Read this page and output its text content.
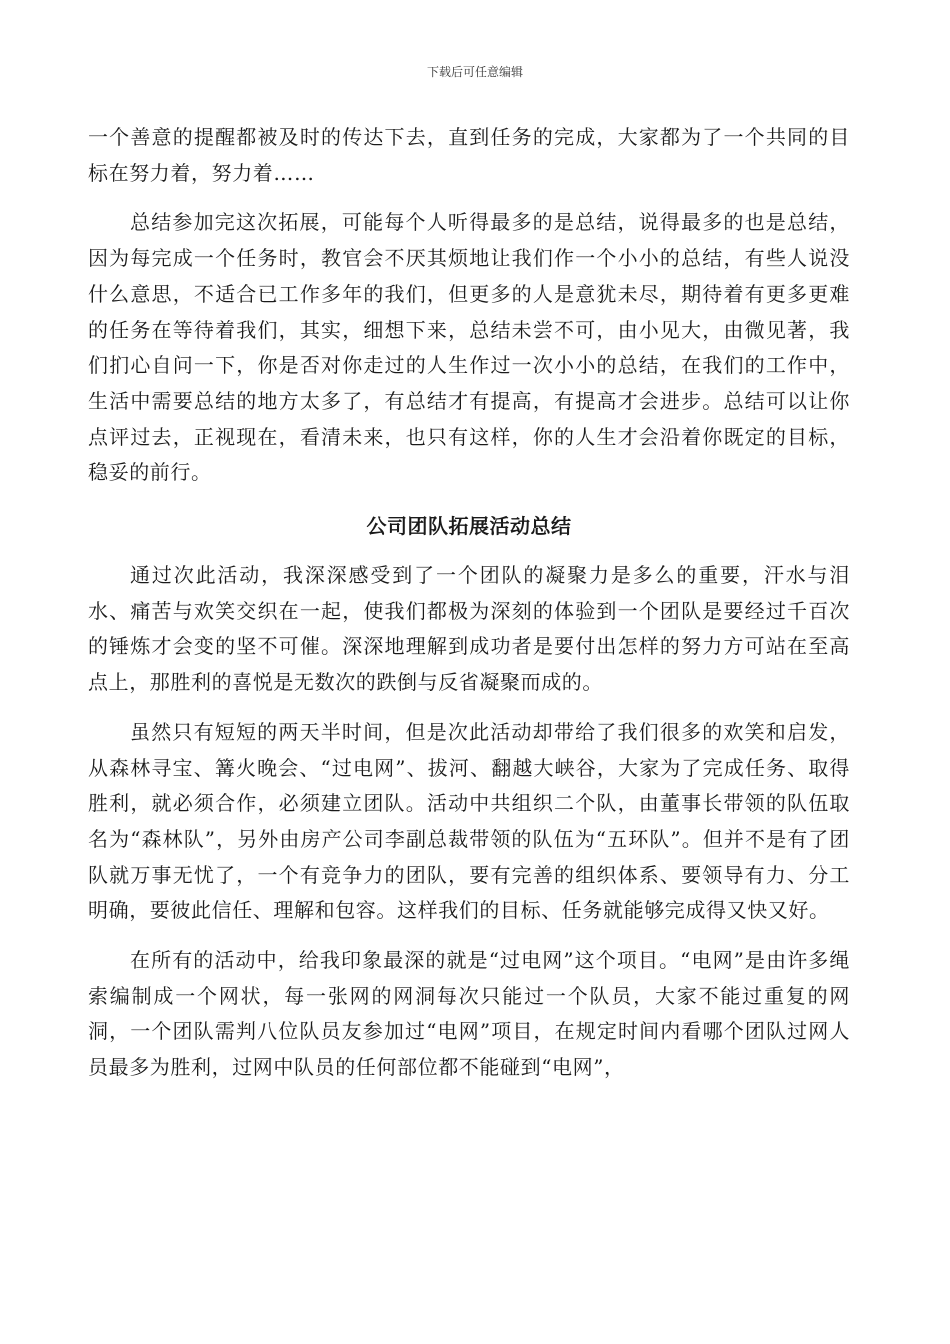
下载后可任意编辑

一个善意的提醒都被及时的传达下去，直到任务的完成，大家都为了一个共同的目标在努力着，努力着……

总结参加完这次拓展，可能每个人听得最多的是总结，说得最多的也是总结，因为每完成一个任务时，教官会不厌其烦地让我们作一个小小的总结，有些人说没什么意思，不适合已工作多年的我们，但更多的人是意犹未尽，期待着有更多更难的任务在等待着我们，其实，细想下来，总结未尝不可，由小见大，由微见著，我们扪心自问一下，你是否对你走过的人生作过一次小小的总结，在我们的工作中，生活中需要总结的地方太多了，有总结才有提高，有提高才会进步。总结可以让你点评过去，正视现在，看清未来，也只有这样，你的人生才会沿着你既定的目标，稳妥的前行。

公司团队拓展活动总结

通过次此活动，我深深感受到了一个团队的凝聚力是多么的重要，汗水与泪水、痛苦与欢笑交织在一起，使我们都极为深刻的体验到一个团队是要经过千百次的锤炼才会变的坚不可催。深深地理解到成功者是要付出怎样的努力方可站在至高点上，那胜利的喜悦是无数次的跌倒与反省凝聚而成的。

虽然只有短短的两天半时间，但是次此活动却带给了我们很多的欢笑和启发，从森林寻宝、篝火晚会、“过电网”、拔河、翻越大峡谷，大家为了完成任务、取得胜利，就必须合作，必须建立团队。活动中共组织二个队，由董事长带领的队伍取名为“森林队”，另外由房产公司李副总裁带领的队伍为“五环队”。但并不是有了团队就万事无忧了，一个有竞争力的团队，要有完善的组织体系、要领导有力、分工明确，要彼此信任、理解和包容。这样我们的目标、任务就能够完成得又快又好。

在所有的活动中，给我印象最深的就是“过电网”这个项目。“电网”是由许多绳索编制成一个网状，每一张网的网洞每次只能过一个队员，大家不能过重复的网洞，一个团队需判八位队员友参加过“电网”项目，在规定时间内看哪个团队过网人员最多为胜利，过网中队员的任何部位都不能碰到“电网”，
